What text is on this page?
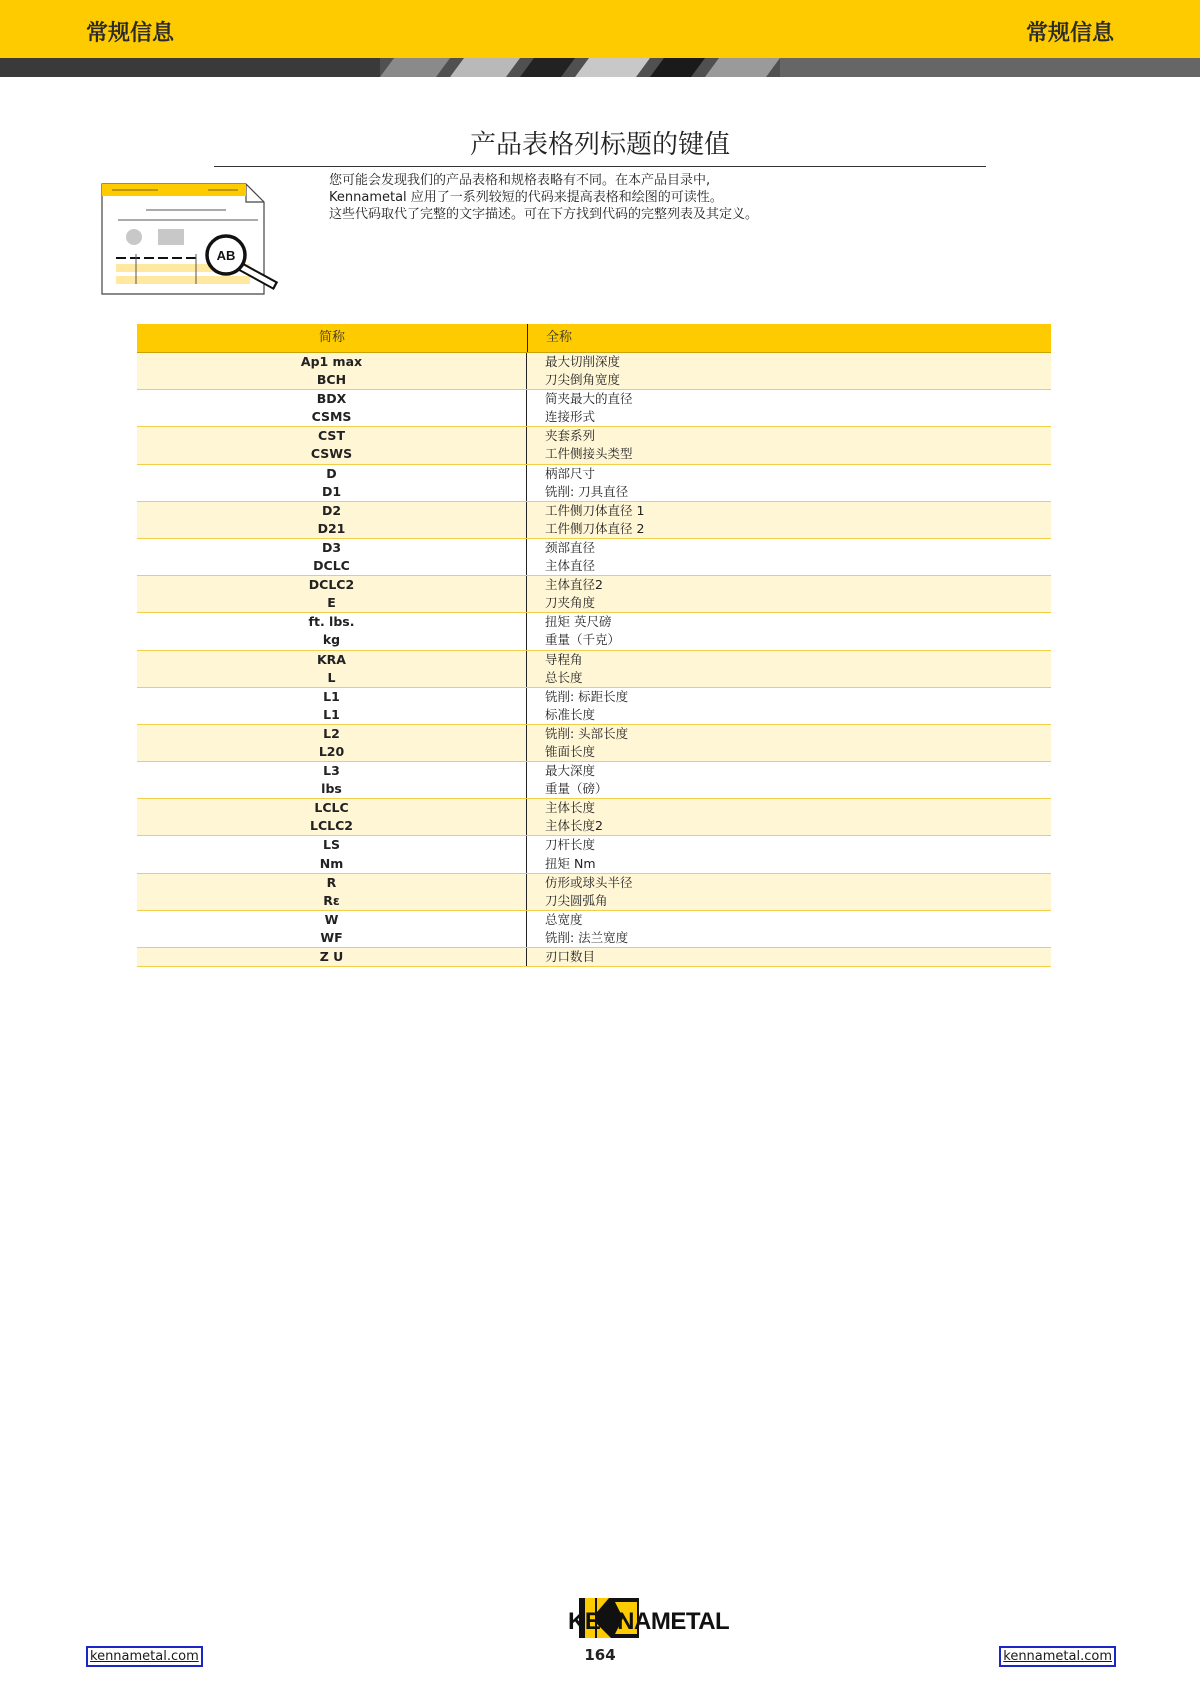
常规信息	常规信息
产品表格列标题的键值
AB
您可能会发现我们的产品表格和规格表略有不同。在本产品目录中,
Kennametal 应用了一系列较短的代码来提高表格和绘图的可读性。
这些代码取代了完整的文字描述。可在下方找到代码的完整列表及其定义。
简称	全称
Ap1 max	最大切削深度
BCH	刀尖倒角宽度
BDX	简夹最大的直径
CSMS	连接形式
CST	夹套系列
CSWS	工件侧接头类型
D	柄部尺寸
D1	铣削: 刀具直径
D2	工件侧刀体直径 1
D21	工件侧刀体直径 2
D3	颈部直径
DCLC	主体直径
DCLC2	主体直径2
E	刀夹角度
ft. lbs.	扭矩 英尺磅
kg	重量（千克）
KRA	导程角
L	总长度
L1	铣削: 标距长度
L1	标准长度
L2	铣削: 头部长度
L20	锥面长度
L3	最大深度
lbs	重量（磅）
LCLC	主体长度
LCLC2	主体长度2
LS	刀杆长度
Nm	扭矩 Nm
R	仿形或球头半径
Rε	刀尖圆弧角
W	总宽度
WF	铣削: 法兰宽度
Z U	刃口数目
KENNAMETAL
164
kennametal.com	kennametal.com
